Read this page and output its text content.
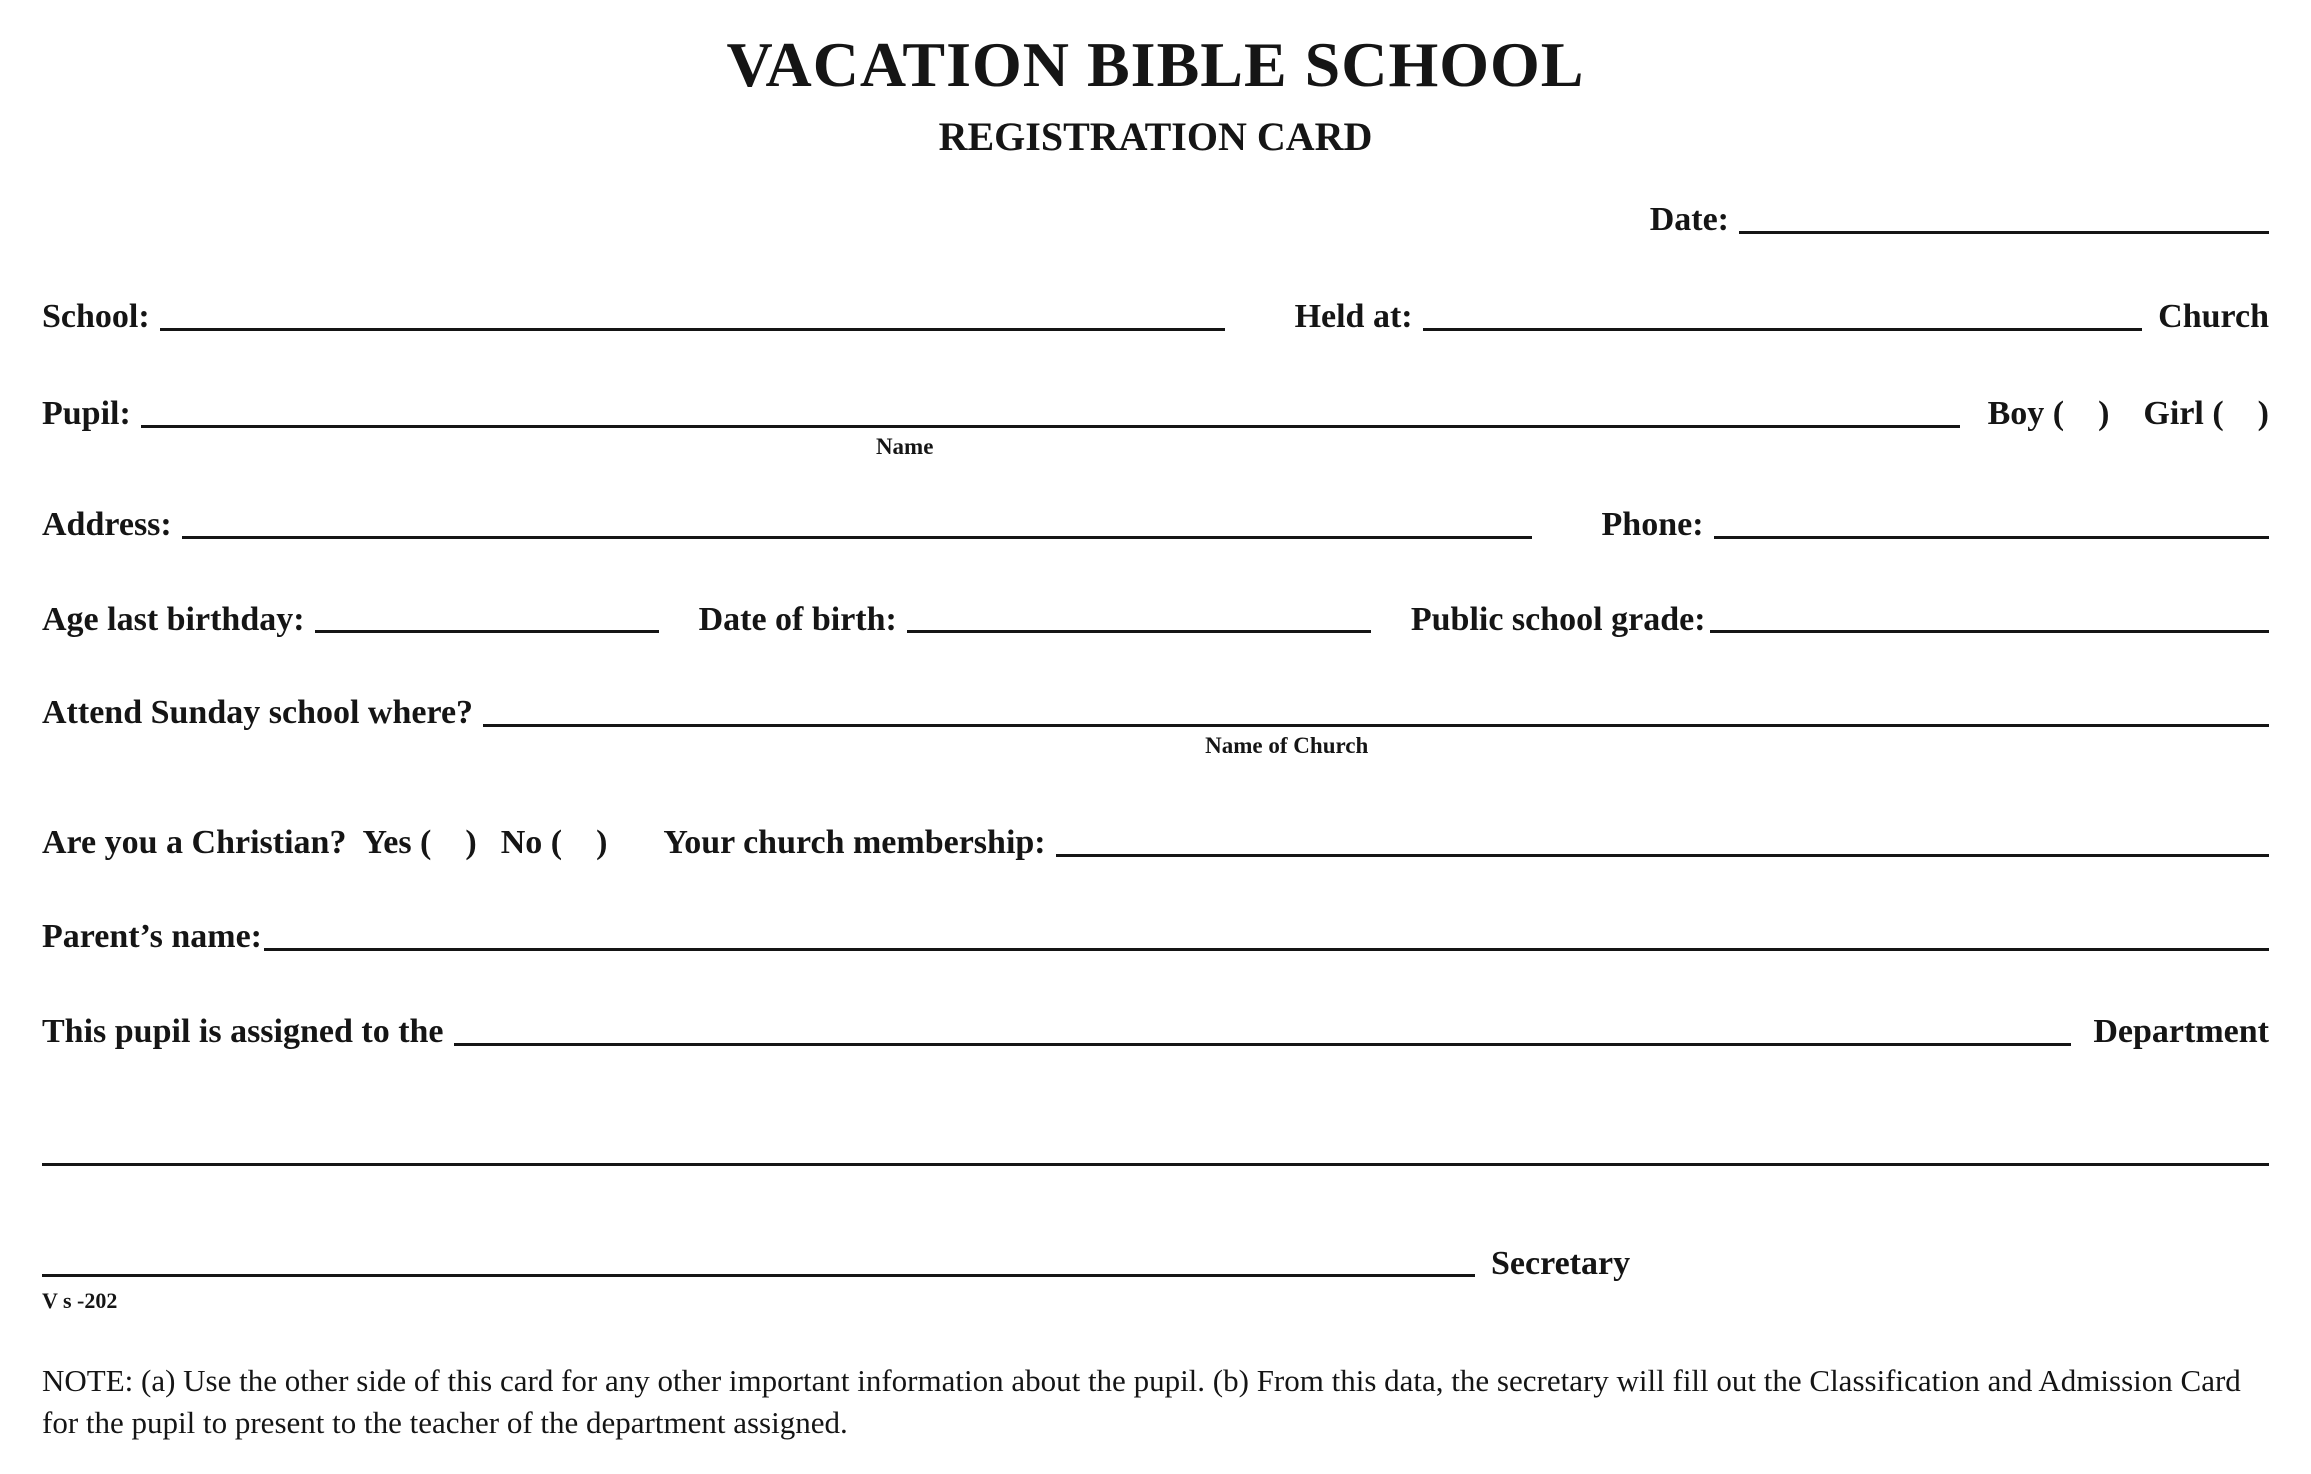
VACATION BIBLE SCHOOL
REGISTRATION CARD
Date:
School:	Held at:	Church
Pupil:
Name
Boy (    ) Girl (    )
Address:	Phone:
Age last birthday:	Date of birth:	Public school grade:
Attend Sunday school where?
Name of Church
Are you a Christian? Yes (    ) No (    ) Your church membership:
Parent’s name:
This pupil is assigned to the	Department
Secretary
V s -202
NOTE: (a) Use the other side of this card for any other important information about the pupil. (b) From this data, the secretary will fill out the Classification and Admission Card for the pupil to present to the teacher of the department assigned.
